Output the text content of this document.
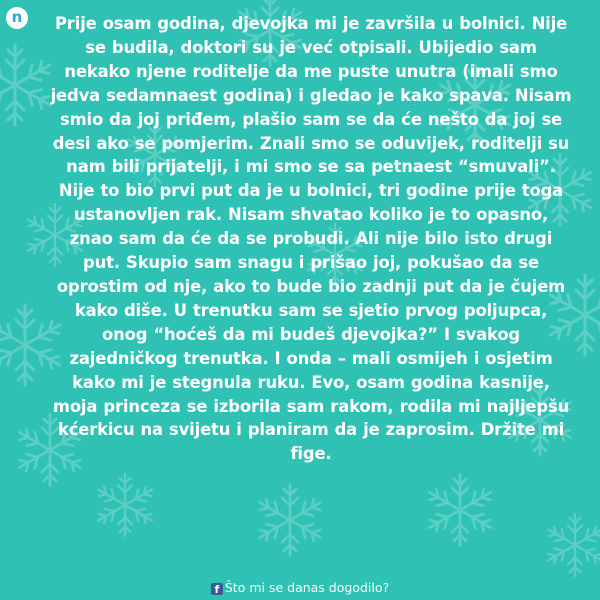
n	Prije osam godina, djevojka mi je završila u bolnici. Nije se budila, doktori su je već otpisali. Ubijedio sam nekako njene roditelje da me puste unutra (imali smo jedva sedamnaest godina) i gledao je kako spava. Nisam smio da joj priđem, plašio sam se da će nešto da joj se desi ako se pomjerim. Znali smo se oduvijek, roditelji su nam bili prijatelji, i mi smo se sa petnaest “smuvali”. Nije to bio prvi put da je u bolnici, tri godine prije toga ustanovljen rak. Nisam shvatao koliko je to opasno, znao sam da će da se probudi. Ali nije bilo isto drugi put. Skupio sam snagu i prišao joj, pokušao da se oprostim od nje, ako to bude bio zadnji put da je čujem kako diše. U trenutku sam se sjetio prvog poljupca, onog “hoćeš da mi budeš djevojka?” I svakog zajedničkog trenutka. I onda – mali osmijeh i osjetim kako mi je stegnula ruku. Evo, osam godina kasnije, moja princeza se izborila sam rakom, rodila mi najljepšu kćerkicu na svijetu i planiram da je zaprosim. Držite mi fige.
f Što mi se danas dogodilo?
